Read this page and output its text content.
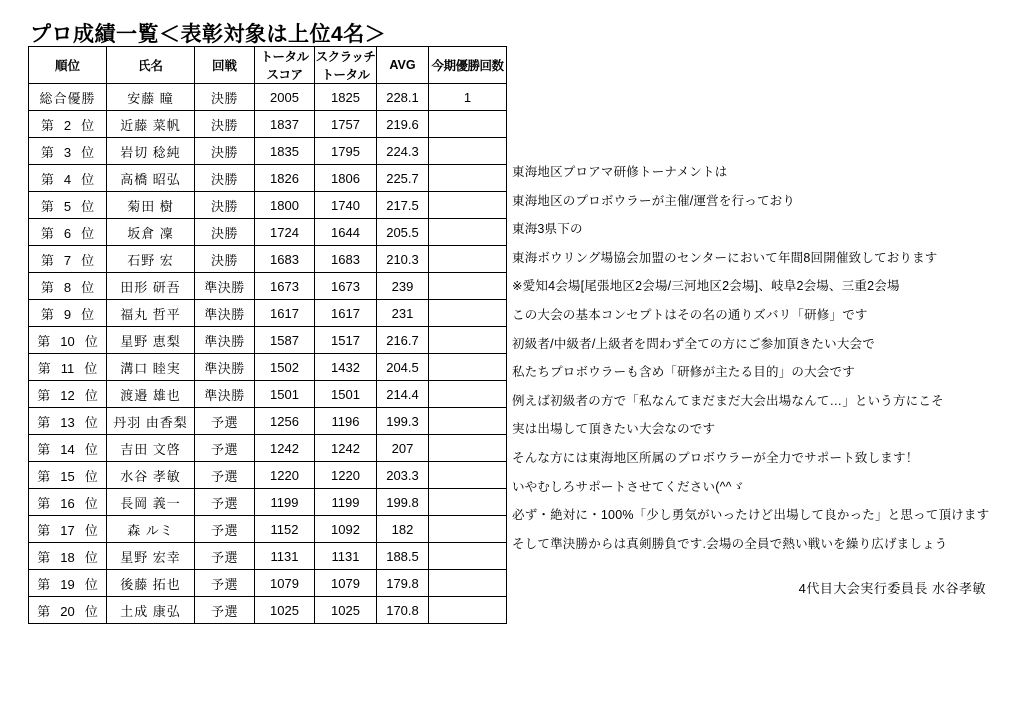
プロ成績一覧＜表彰対象は上位4名＞
順位	氏名	回戦	トータルスコア	スクラッチトータル	AVG	今期優勝回数
総合優勝	安藤 瞳	決勝	2005	1825	228.1	1
第 2 位	近藤 菜帆	決勝	1837	1757	219.6	
第 3 位	岩切 稔純	決勝	1835	1795	224.3	
第 4 位	高橋 昭弘	決勝	1826	1806	225.7	
第 5 位	菊田 樹	決勝	1800	1740	217.5	
第 6 位	坂倉 凜	決勝	1724	1644	205.5	
第 7 位	石野 宏	決勝	1683	1683	210.3	
第 8 位	田形 研吾	準決勝	1673	1673	239	
第 9 位	福丸 哲平	準決勝	1617	1617	231	
第 10 位	星野 恵梨	準決勝	1587	1517	216.7	
第 11 位	溝口 睦実	準決勝	1502	1432	204.5	
第 12 位	渡邉 雄也	準決勝	1501	1501	214.4	
第 13 位	丹羽 由香梨	予選	1256	1196	199.3	
第 14 位	吉田 文啓	予選	1242	1242	207	
第 15 位	水谷 孝敏	予選	1220	1220	203.3	
第 16 位	長岡 義一	予選	1199	1199	199.8	
第 17 位	森 ルミ	予選	1152	1092	182	
第 18 位	星野 宏幸	予選	1131	1131	188.5	
第 19 位	後藤 拓也	予選	1079	1079	179.8	
第 20 位	土成 康弘	予選	1025	1025	170.8	
東海地区プロアマ研修トーナメントは
東海地区のプロボウラーが主催/運営を行っており
東海3県下の
東海ボウリング場協会加盟のセンターにおいて年間8回開催致しております
※愛知4会場[尾張地区2会場/三河地区2会場]、岐阜2会場、三重2会場
この大会の基本コンセプトはその名の通りズバリ「研修」です
初級者/中級者/上級者を問わず全ての方にご参加頂きたい大会で
私たちプロボウラーも含め「研修が主たる目的」の大会です
例えば初級者の方で「私なんてまだまだ大会出場なんて…」という方にこそ
実は出場して頂きたい大会なのです
そんな方には東海地区所属のプロボウラーが全力でサポート致します！
いやむしろサポートさせてください(^^ゞ
必ず・絶対に・100%「少し勇気がいったけど出場して良かった」と思って頂けます
そして準決勝からは真剣勝負です.会場の全員で熱い戦いを繰り広げましょう
4代目大会実行委員長 水谷孝敏
